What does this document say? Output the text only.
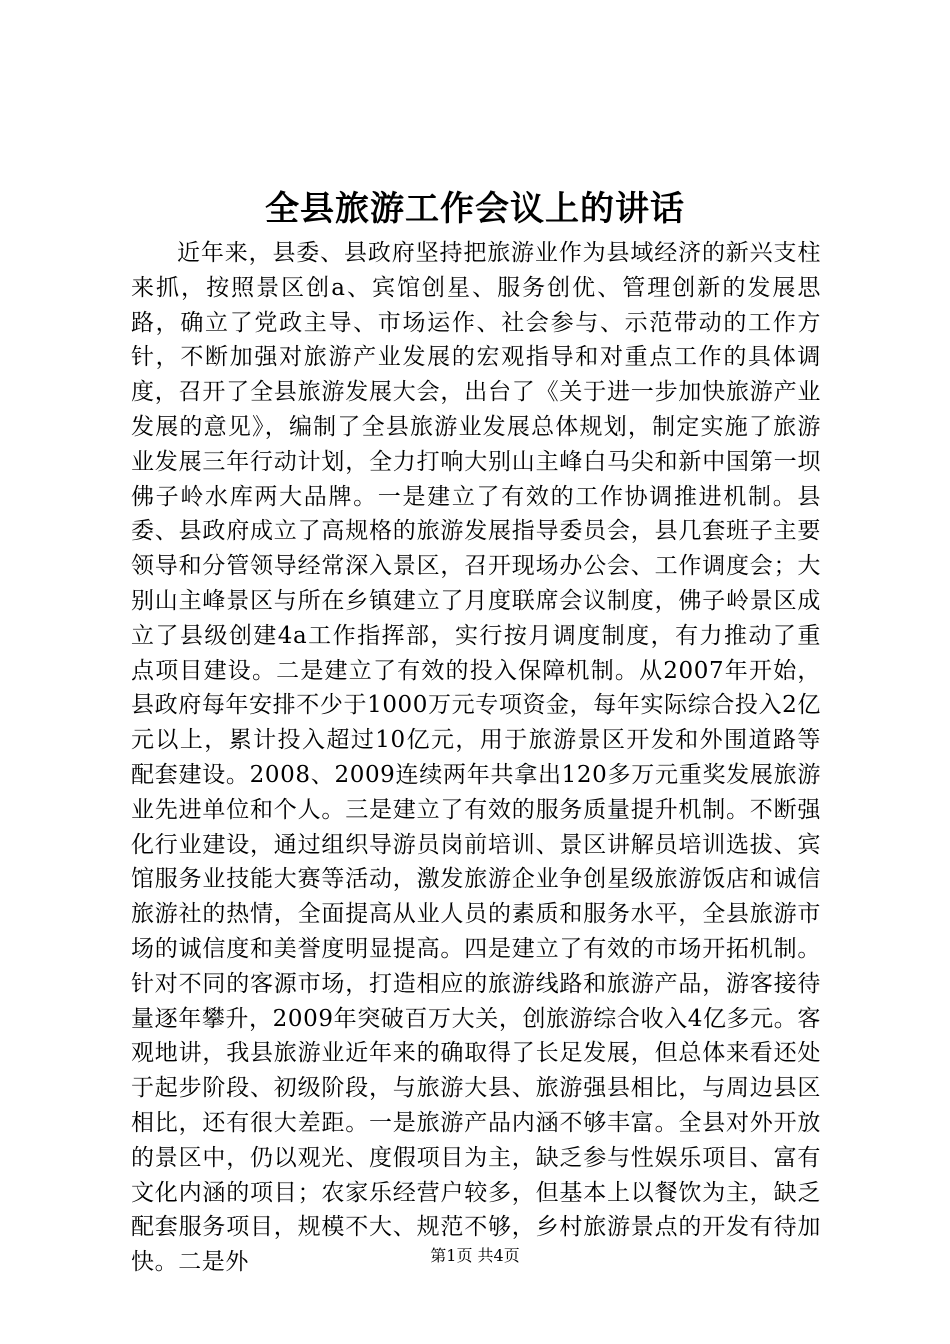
全县旅游工作会议上的讲话

近年来，县委、县政府坚持把旅游业作为县域经济的新兴支柱来抓，按照景区创a、宾馆创星、服务创优、管理创新的发展思路，确立了党政主导、市场运作、社会参与、示范带动的工作方针，不断加强对旅游产业发展的宏观指导和对重点工作的具体调度，召开了全县旅游发展大会，出台了《关于进一步加快旅游产业发展的意见》，编制了全县旅游业发展总体规划，制定实施了旅游业发展三年行动计划，全力打响大别山主峰白马尖和新中国第一坝佛子岭水库两大品牌。一是建立了有效的工作协调推进机制。县委、县政府成立了高规格的旅游发展指导委员会，县几套班子主要领导和分管领导经常深入景区，召开现场办公会、工作调度会；大别山主峰景区与所在乡镇建立了月度联席会议制度，佛子岭景区成立了县级创建4a工作指挥部，实行按月调度制度，有力推动了重点项目建设。二是建立了有效的投入保障机制。从2007年开始，县政府每年安排不少于1000万元专项资金，每年实际综合投入2亿元以上，累计投入超过10亿元，用于旅游景区开发和外围道路等配套建设。2008、2009连续两年共拿出120多万元重奖发展旅游业先进单位和个人。三是建立了有效的服务质量提升机制。不断强化行业建设，通过组织导游员岗前培训、景区讲解员培训选拔、宾馆服务业技能大赛等活动，激发旅游企业争创星级旅游饭店和诚信旅游社的热情，全面提高从业人员的素质和服务水平，全县旅游市场的诚信度和美誉度明显提高。四是建立了有效的市场开拓机制。针对不同的客源市场，打造相应的旅游线路和旅游产品，游客接待量逐年攀升，2009年突破百万大关，创旅游综合收入4亿多元。客观地讲，我县旅游业近年来的确取得了长足发展，但总体来看还处于起步阶段、初级阶段，与旅游大县、旅游强县相比，与周边县区相比，还有很大差距。一是旅游产品内涵不够丰富。全县对外开放的景区中，仍以观光、度假项目为主，缺乏参与性娱乐项目、富有文化内涵的项目；农家乐经营户较多，但基本上以餐饮为主，缺乏配套服务项目，规模不大、规范不够，乡村旅游景点的开发有待加快。二是外	第1页 共4页
